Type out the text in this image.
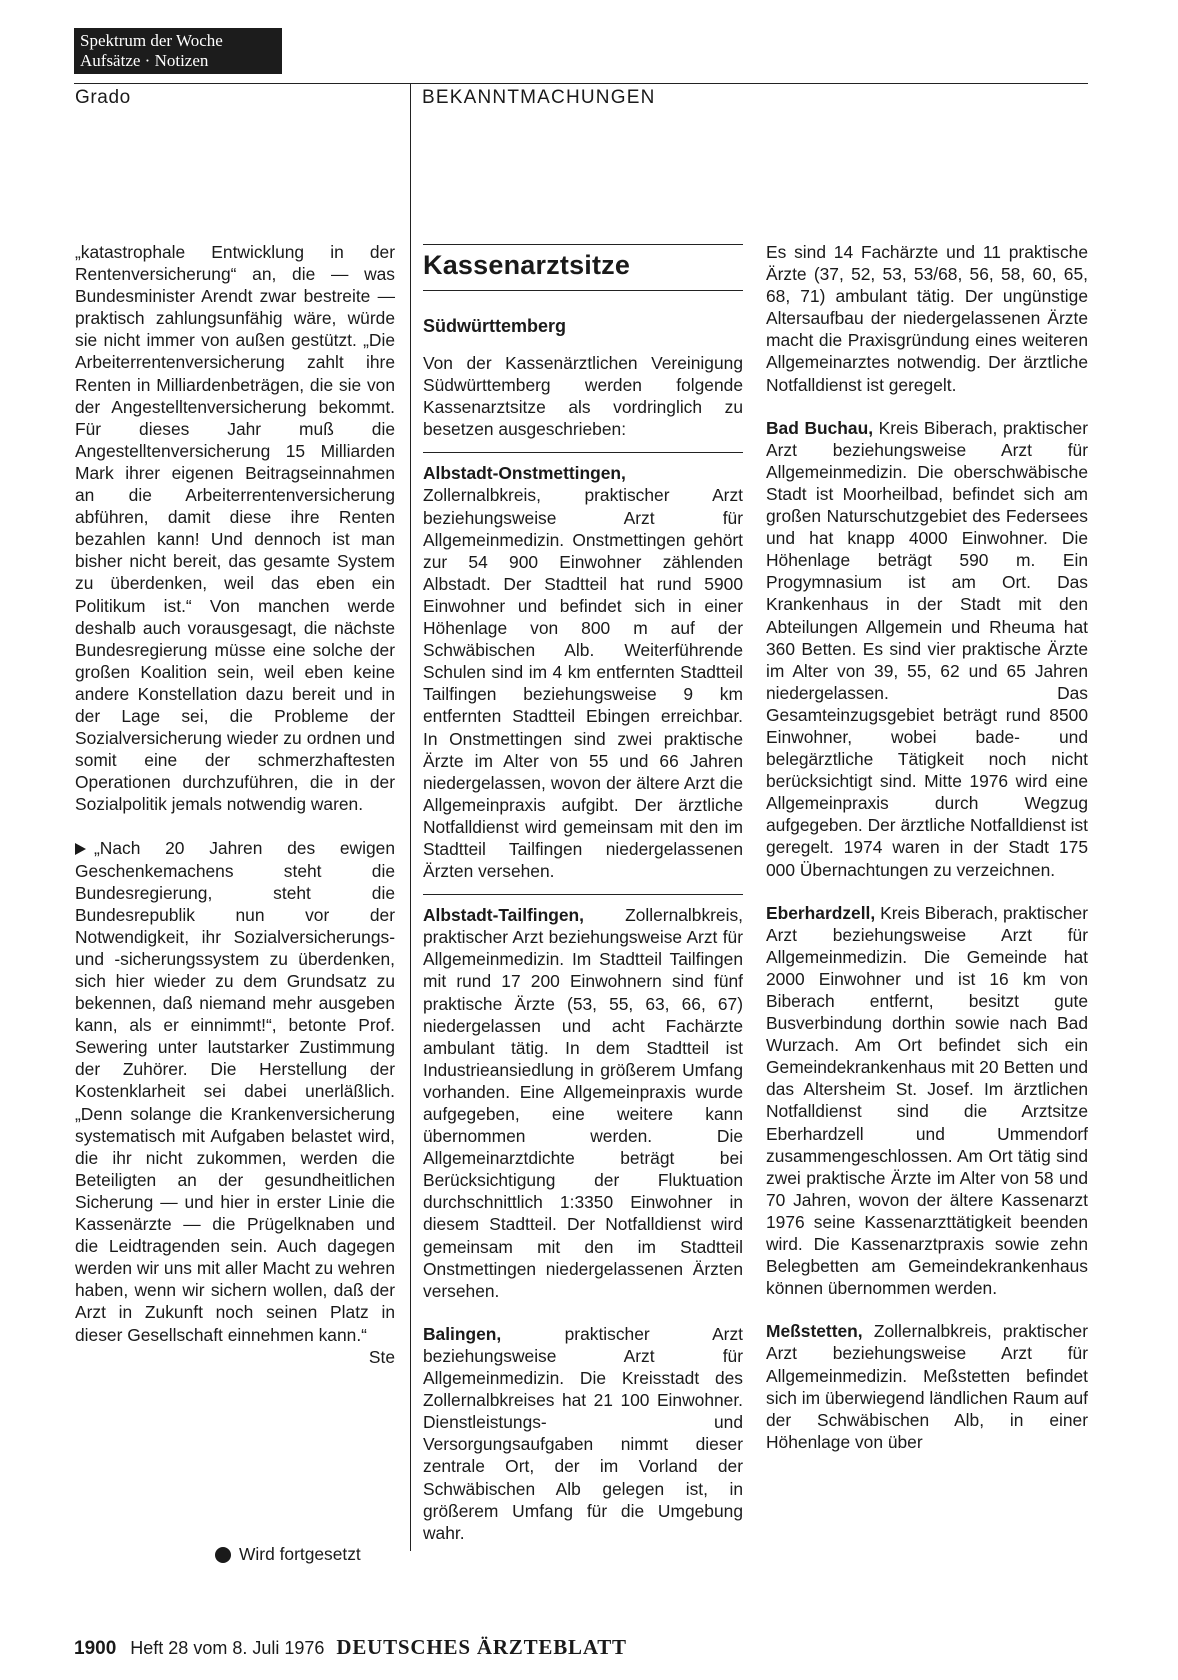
Spektrum der Woche
Aufsätze · Notizen
Grado	BEKANNTMACHUNGEN

„katastrophale Entwicklung in der Rentenversicherung“ an, die — was Bundesminister Arendt zwar bestreite — praktisch zahlungsunfähig wäre, würde sie nicht immer von außen gestützt. „Die Arbeiterrentenversicherung zahlt ihre Renten in Milliardenbeträgen, die sie von der Angestelltenversicherung bekommt. Für dieses Jahr muß die Angestelltenversicherung 15 Milliarden Mark ihrer eigenen Beitragseinnahmen an die Arbeiterrentenversicherung abführen, damit diese ihre Renten bezahlen kann! Und dennoch ist man bisher nicht bereit, das gesamte System zu überdenken, weil das eben ein Politikum ist.“ Von manchen werde deshalb auch vorausgesagt, die nächste Bundesregierung müsse eine solche der großen Koalition sein, weil eben keine andere Konstellation dazu bereit und in der Lage sei, die Probleme der Sozialversicherung wieder zu ordnen und somit eine der schmerzhaftesten Operationen durchzuführen, die in der Sozialpolitik jemals notwendig waren.

„Nach 20 Jahren des ewigen Geschenkemachens steht die Bundesregierung, steht die Bundesrepublik nun vor der Notwendigkeit, ihr Sozialversicherungs- und -sicherungssystem zu überdenken, sich hier wieder zu dem Grundsatz zu bekennen, daß niemand mehr ausgeben kann, als er einnimmt!“, betonte Prof. Sewering unter lautstarker Zustimmung der Zuhörer. Die Herstellung der Kostenklarheit sei dabei unerläßlich. „Denn solange die Krankenversicherung systematisch mit Aufgaben belastet wird, die ihr nicht zukommen, werden die Beteiligten an der gesundheitlichen Sicherung — und hier in erster Linie die Kassenärzte — die Prügelknaben und die Leidtragenden sein. Auch dagegen werden wir uns mit aller Macht zu wehren haben, wenn wir sichern wollen, daß der Arzt in Zukunft noch seinen Platz in dieser Gesellschaft einnehmen kann.“

Ste
Wird fortgesetzt
Kassenarztsitze
Südwürttemberg

Von der Kassenärztlichen Vereinigung Südwürttemberg werden folgende Kassenarztsitze als vordringlich zu besetzen ausgeschrieben:

Albstadt-Onstmettingen, Zollernalbkreis, praktischer Arzt beziehungsweise Arzt für Allgemeinmedizin. Onstmettingen gehört zur 54 900 Einwohner zählenden Albstadt. Der Stadtteil hat rund 5900 Einwohner und befindet sich in einer Höhenlage von 800 m auf der Schwäbischen Alb. Weiterführende Schulen sind im 4 km entfernten Stadtteil Tailfingen beziehungsweise 9 km entfernten Stadtteil Ebingen erreichbar. In Onstmettingen sind zwei praktische Ärzte im Alter von 55 und 66 Jahren niedergelassen, wovon der ältere Arzt die Allgemeinpraxis aufgibt. Der ärztliche Notfalldienst wird gemeinsam mit den im Stadtteil Tailfingen niedergelassenen Ärzten versehen.

Albstadt-Tailfingen, Zollernalbkreis, praktischer Arzt beziehungsweise Arzt für Allgemeinmedizin. Im Stadtteil Tailfingen mit rund 17 200 Einwohnern sind fünf praktische Ärzte (53, 55, 63, 66, 67) niedergelassen und acht Fachärzte ambulant tätig. In dem Stadtteil ist Industrieansiedlung in größerem Umfang vorhanden. Eine Allgemeinpraxis wurde aufgegeben, eine weitere kann übernommen werden. Die Allgemeinarztdichte beträgt bei Berücksichtigung der Fluktuation durchschnittlich 1:3350 Einwohner in diesem Stadtteil. Der Notfalldienst wird gemeinsam mit den im Stadtteil Onstmettingen niedergelassenen Ärzten versehen.

Balingen, praktischer Arzt beziehungsweise Arzt für Allgemeinmedizin. Die Kreisstadt des Zollernalbkreises hat 21 100 Einwohner. Dienstleistungs- und Versorgungsaufgaben nimmt dieser zentrale Ort, der im Vorland der Schwäbischen Alb gelegen ist, in größerem Umfang für die Umgebung wahr.

Es sind 14 Fachärzte und 11 praktische Ärzte (37, 52, 53, 53/68, 56, 58, 60, 65, 68, 71) ambulant tätig. Der ungünstige Altersaufbau der niedergelassenen Ärzte macht die Praxisgründung eines weiteren Allgemeinarztes notwendig. Der ärztliche Notfalldienst ist geregelt.

Bad Buchau, Kreis Biberach, praktischer Arzt beziehungsweise Arzt für Allgemeinmedizin. Die oberschwäbische Stadt ist Moorheilbad, befindet sich am großen Naturschutzgebiet des Federsees und hat knapp 4000 Einwohner. Die Höhenlage beträgt 590 m. Ein Progymnasium ist am Ort. Das Krankenhaus in der Stadt mit den Abteilungen Allgemein und Rheuma hat 360 Betten. Es sind vier praktische Ärzte im Alter von 39, 55, 62 und 65 Jahren niedergelassen. Das Gesamteinzugsgebiet beträgt rund 8500 Einwohner, wobei bade- und belegärztliche Tätigkeit noch nicht berücksichtigt sind. Mitte 1976 wird eine Allgemeinpraxis durch Wegzug aufgegeben. Der ärztliche Notfalldienst ist geregelt. 1974 waren in der Stadt 175 000 Übernachtungen zu verzeichnen.

Eberhardzell, Kreis Biberach, praktischer Arzt beziehungsweise Arzt für Allgemeinmedizin. Die Gemeinde hat 2000 Einwohner und ist 16 km von Biberach entfernt, besitzt gute Busverbindung dorthin sowie nach Bad Wurzach. Am Ort befindet sich ein Gemeindekrankenhaus mit 20 Betten und das Altersheim St. Josef. Im ärztlichen Notfalldienst sind die Arztsitze Eberhardzell und Ummendorf zusammengeschlossen. Am Ort tätig sind zwei praktische Ärzte im Alter von 58 und 70 Jahren, wovon der ältere Kassenarzt 1976 seine Kassenarzttätigkeit beenden wird. Die Kassenarztpraxis sowie zehn Belegbetten am Gemeindekrankenhaus können übernommen werden.

Meßstetten, Zollernalbkreis, praktischer Arzt beziehungsweise Arzt für Allgemeinmedizin. Meßstetten befindet sich im überwiegend ländlichen Raum auf der Schwäbischen Alb, in einer Höhenlage von über

1900 Heft 28 vom 8. Juli 1976 DEUTSCHES ÄRZTEBLATT
